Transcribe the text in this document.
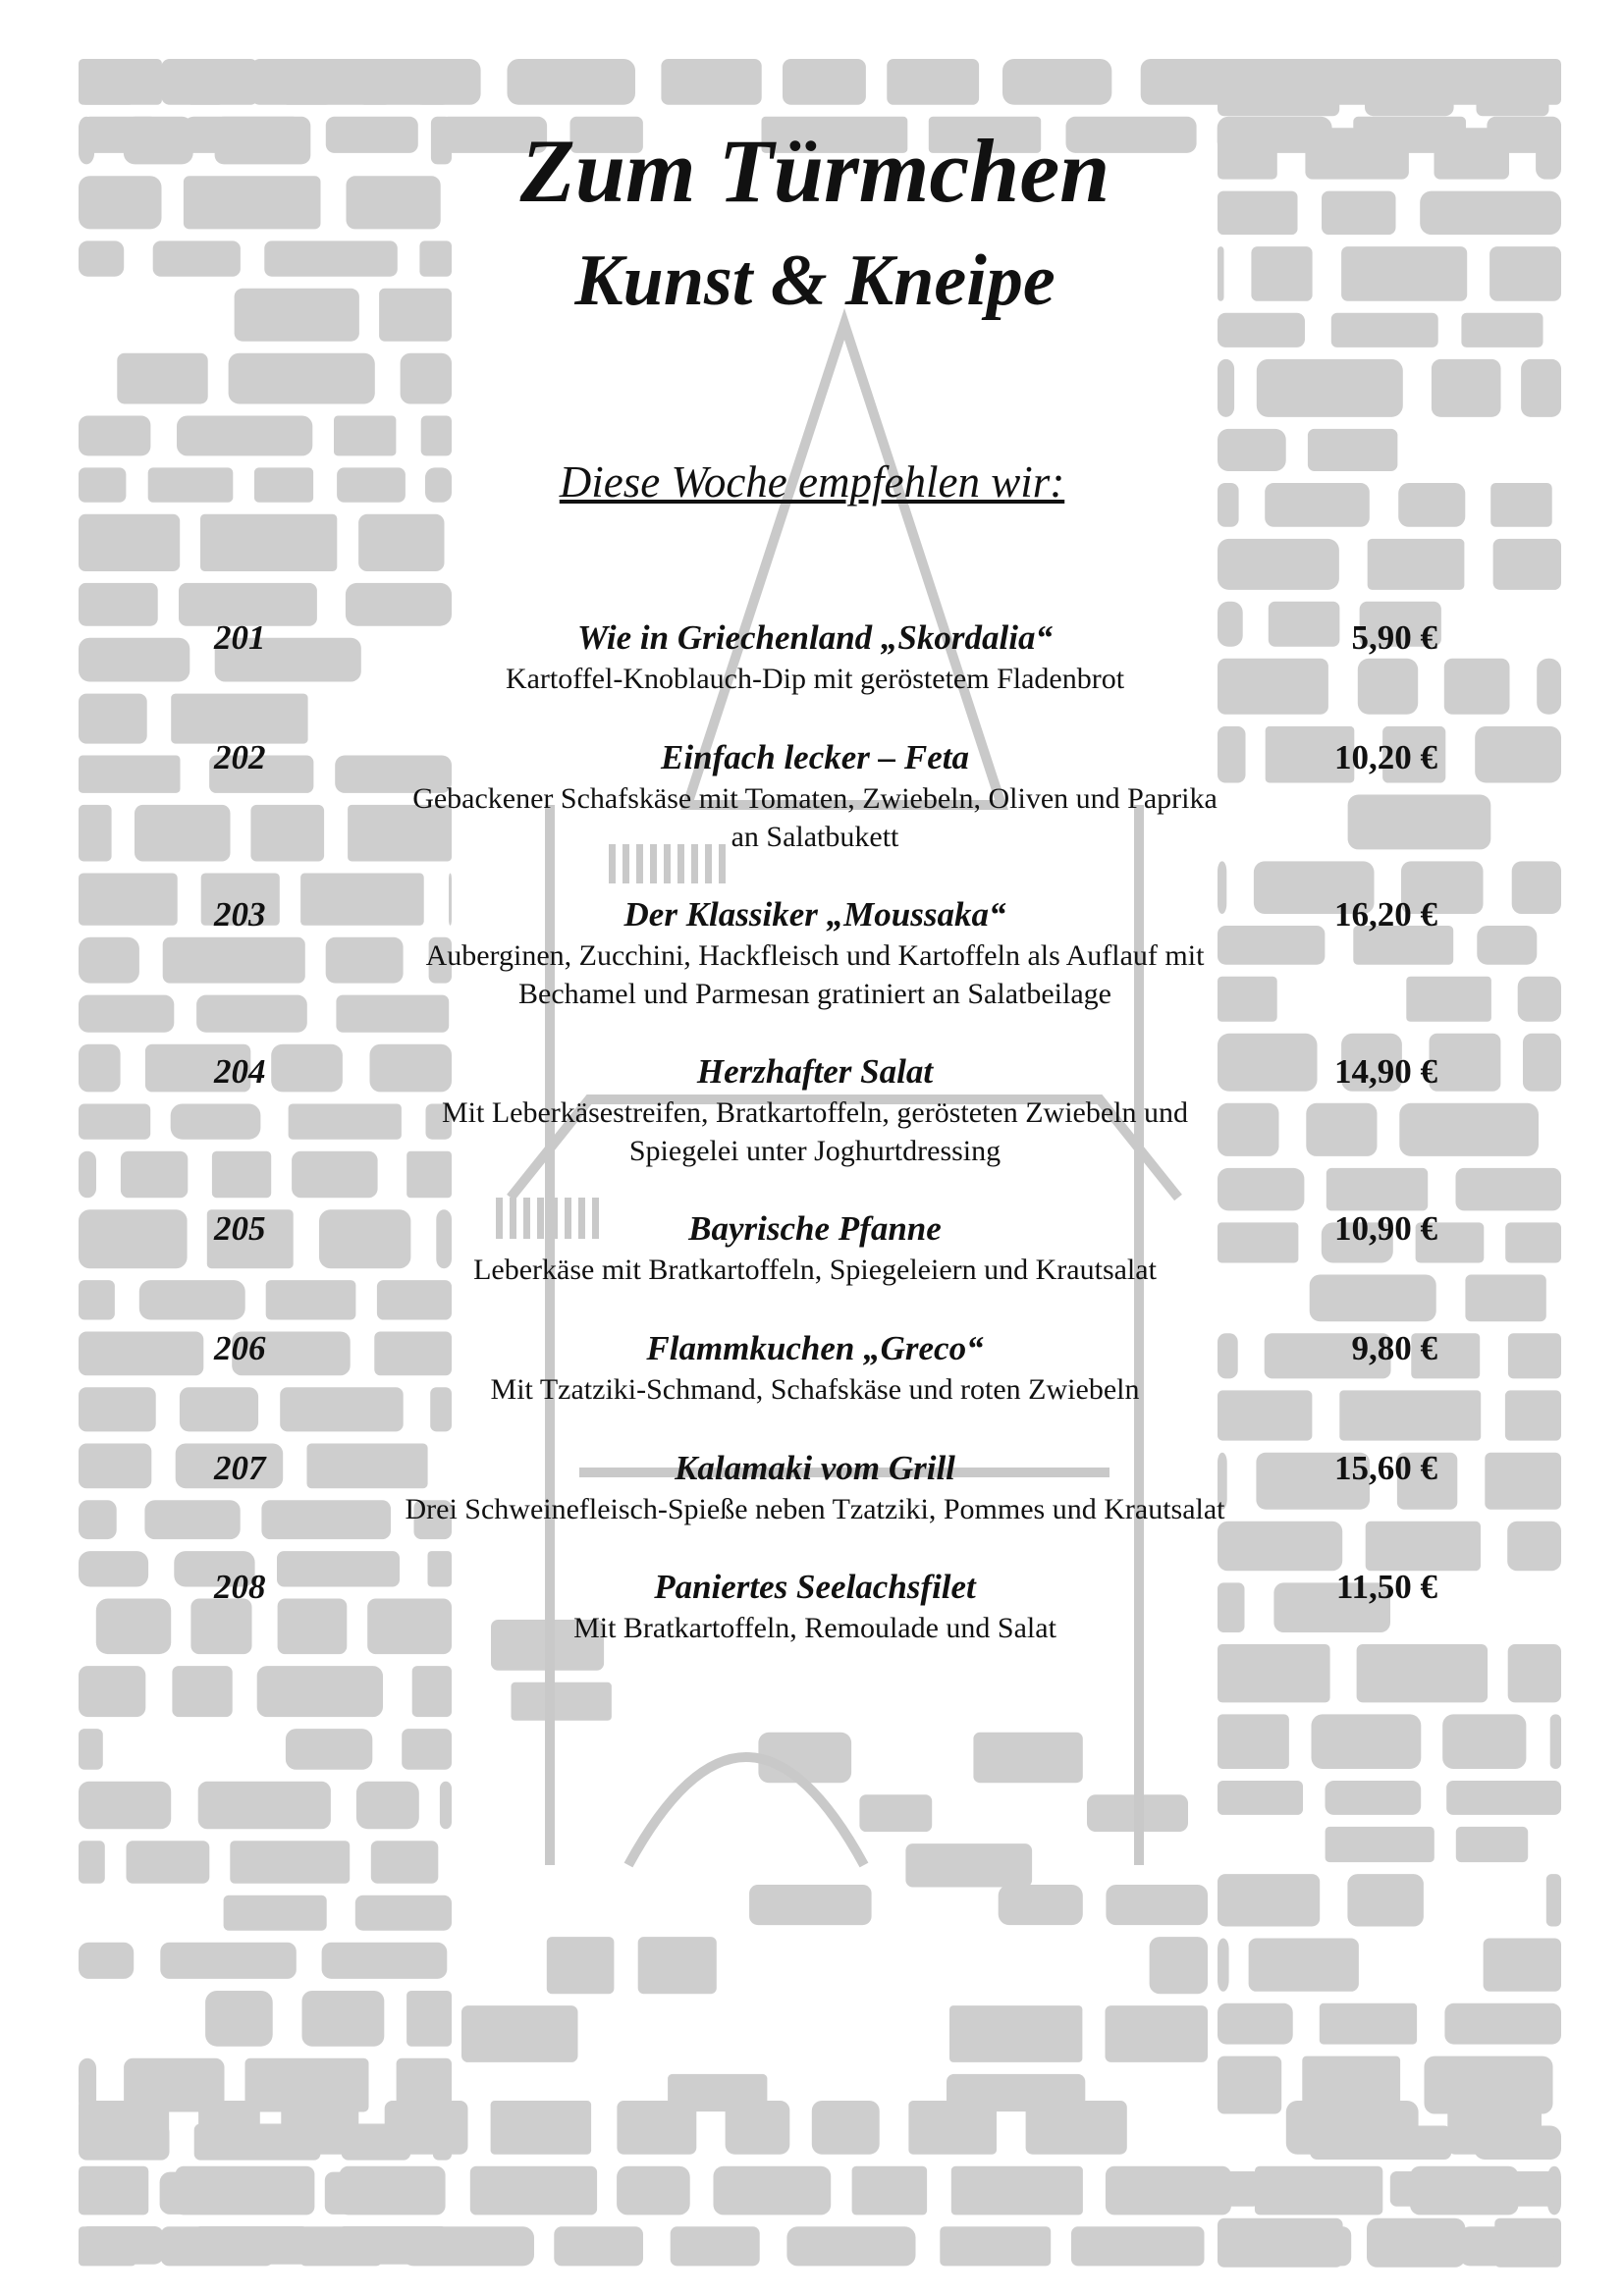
Zum Türmchen
Kunst & Kneipe
Diese Woche empfehlen wir:
201	Wie in Griechenland „Skordalia“	5,90 €
Kartoffel-Knoblauch-Dip mit geröstetem Fladenbrot
202	Einfach lecker – Feta	10,20 €
Gebackener Schafskäse mit Tomaten, Zwiebeln, Oliven und Paprika
an Salatbukett
203	Der Klassiker „Moussaka“	16,20 €
Auberginen, Zucchini, Hackfleisch und Kartoffeln als Auflauf mit
Bechamel und Parmesan gratiniert an Salatbeilage
204	Herzhafter Salat	14,90 €
Mit Leberkäsestreifen, Bratkartoffeln, gerösteten Zwiebeln und
Spiegelei unter Joghurtdressing
205	Bayrische Pfanne	10,90 €
Leberkäse mit Bratkartoffeln, Spiegeleiern und Krautsalat
206	Flammkuchen „Greco“	9,80 €
Mit Tzatziki-Schmand, Schafskäse und roten Zwiebeln
207	Kalamaki vom Grill	15,60 €
Drei Schweinefleisch-Spieße neben Tzatziki, Pommes und Krautsalat
208	Paniertes Seelachsfilet	11,50 €
Mit Bratkartoffeln, Remoulade und Salat
